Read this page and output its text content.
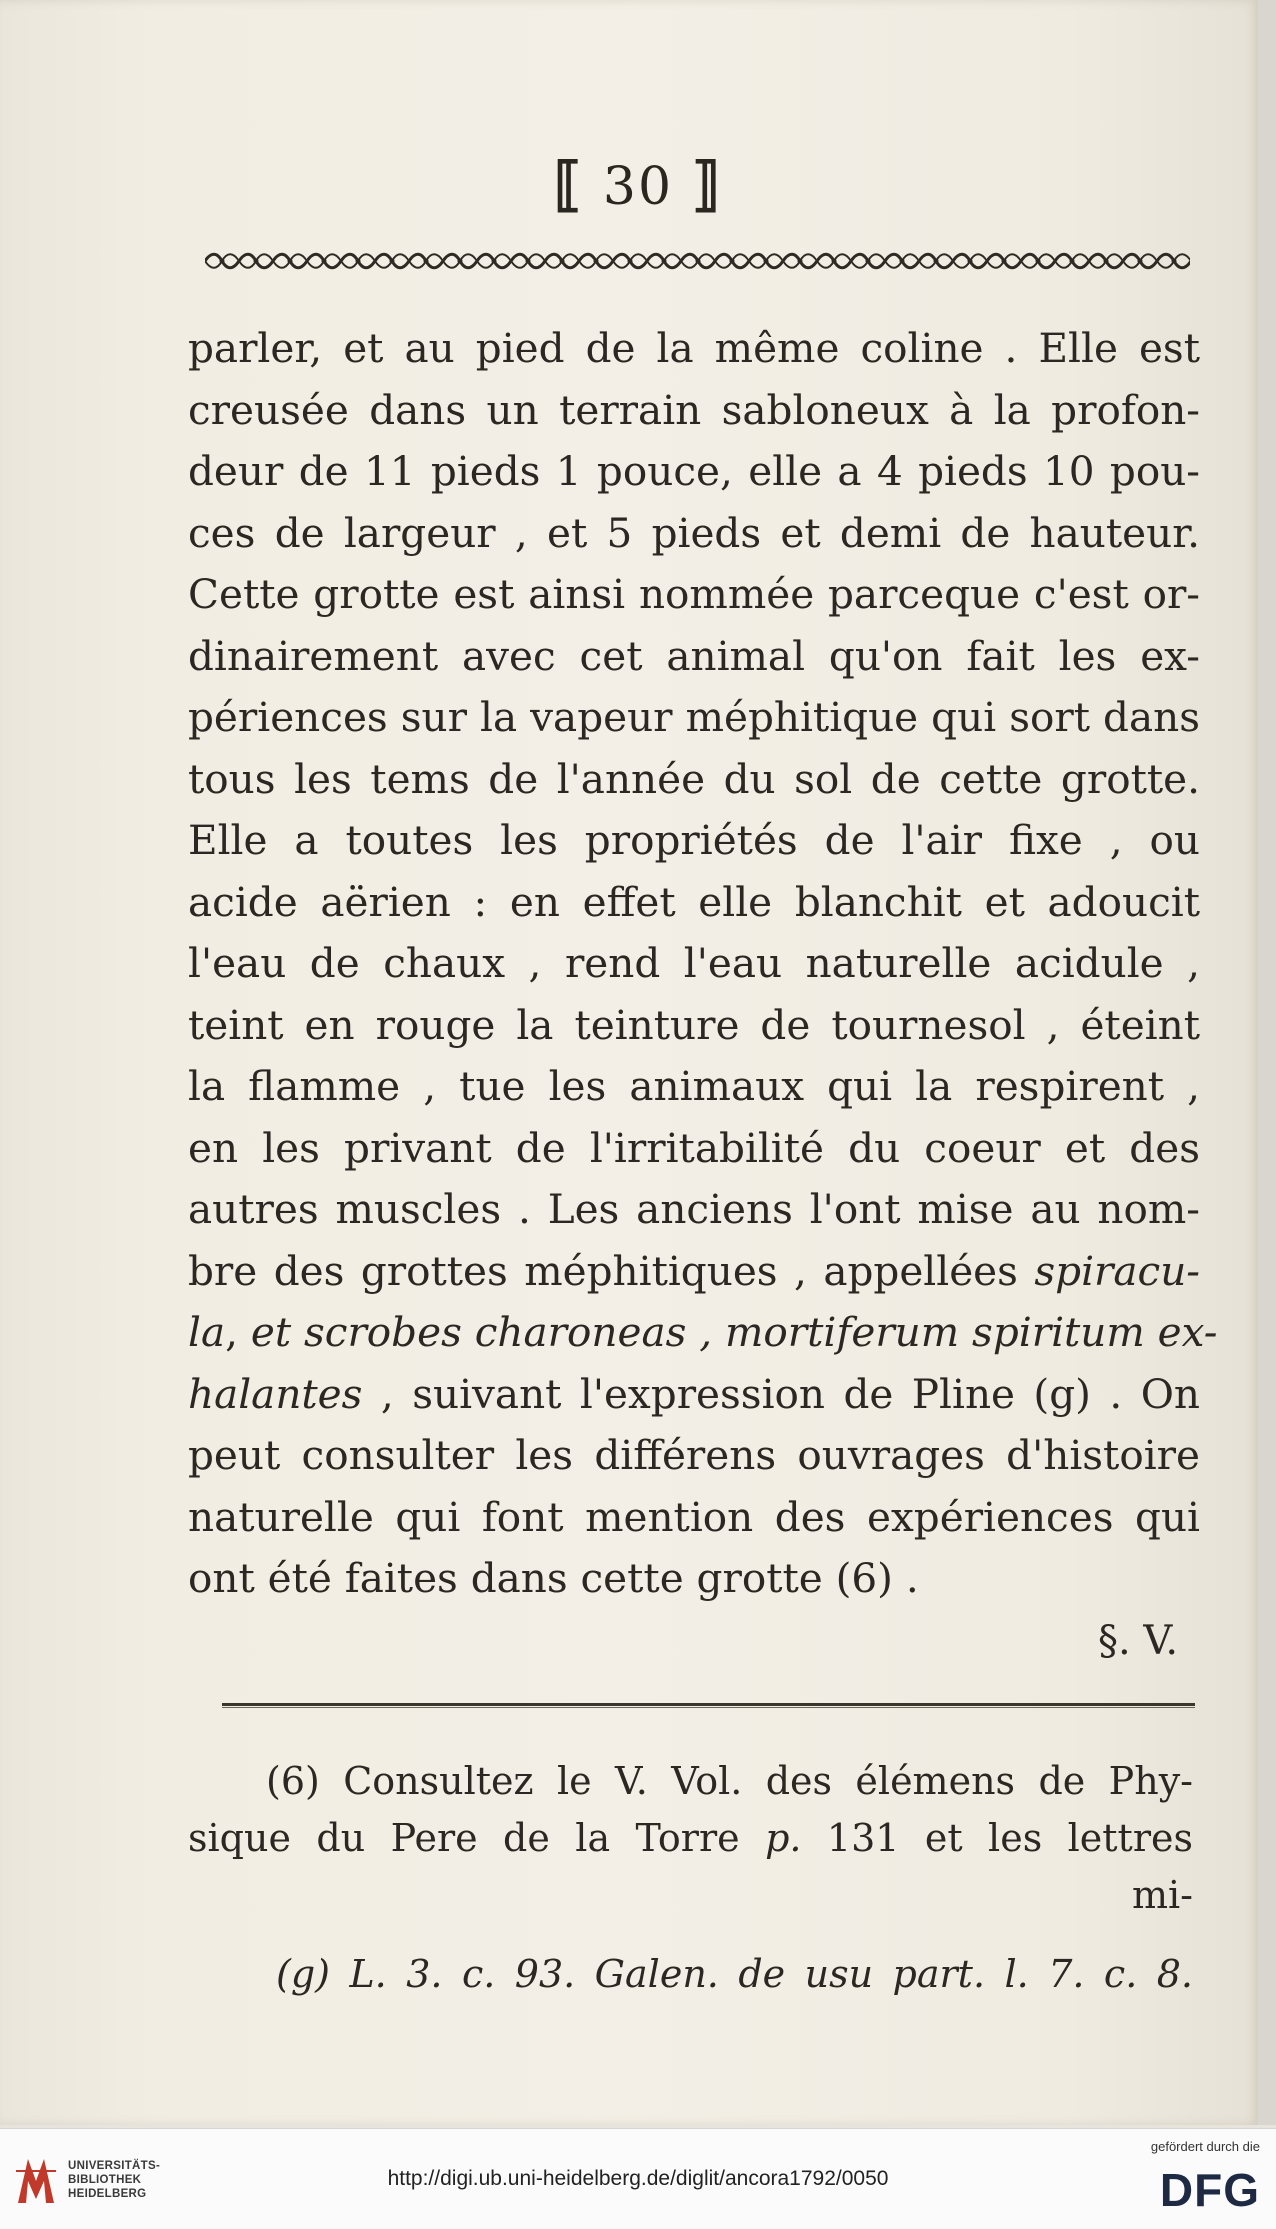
⟦ 30 ⟧
parler, et au pied de la même coline . Elle est
creusée dans un terrain sabloneux à la profon-
deur de 11 pieds 1 pouce, elle a 4 pieds 10 pou-
ces de largeur , et 5 pieds et demi de hauteur.
Cette grotte est ainsi nommée parceque c'est or-
dinairement avec cet animal qu'on fait les ex-
périences sur la vapeur méphitique qui sort dans
tous les tems de l'année du sol de cette grotte.
Elle a toutes les propriétés de l'air fixe , ou
acide aërien : en effet elle blanchit et adoucit
l'eau de chaux , rend l'eau naturelle acidule ,
teint en rouge la teinture de tournesol , éteint
la flamme , tue les animaux qui la respirent ,
en les privant de l'irritabilité du coeur et des
autres muscles . Les anciens l'ont mise au nom-
bre des grottes méphitiques , appellées spiracu-
la, et scrobes charoneas , mortiferum spiritum ex-
halantes , suivant l'expression de Pline (g) . On
peut consulter les différens ouvrages d'histoire
naturelle qui font mention des expériences qui
ont été faites dans cette grotte (6) .
§. V.
(6) Consultez le V. Vol. des élémens de Phy-
sique du Pere de la Torre p. 131 et les lettres
mi-
(g) L. 3. c. 93. Galen. de usu part. l. 7. c. 8.
UNIVERSITÄTS-
BIBLIOTHEK
HEIDELBERG
http://digi.ub.uni-heidelberg.de/diglit/ancora1792/0050
gefördert durch die
DFG
